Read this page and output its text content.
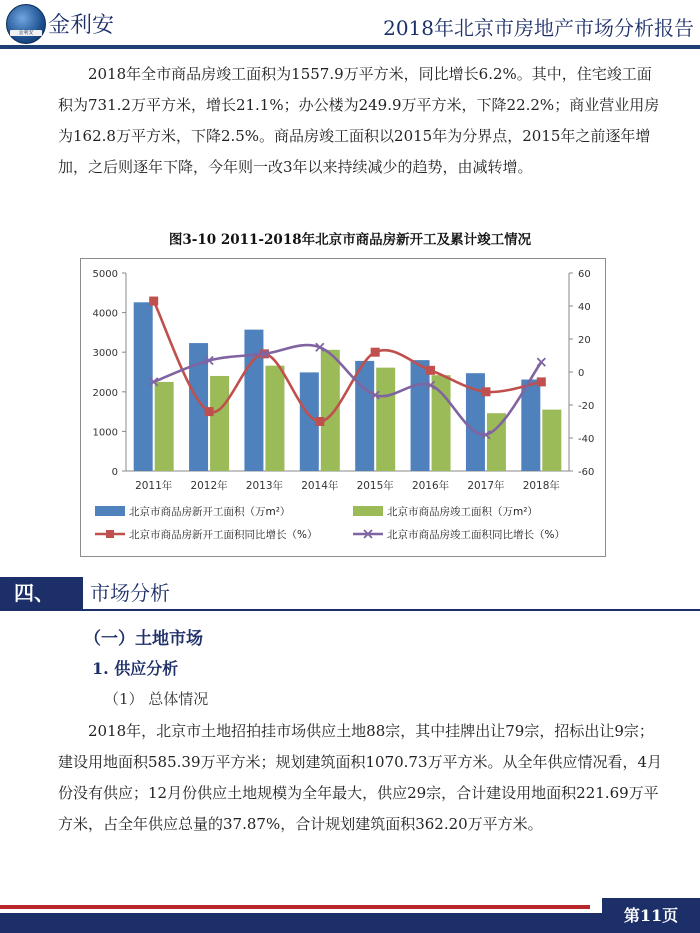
金利安 金利安	2018年北京市房地产市场分析报告

2018年全市商品房竣工面积为1557.9万平方米，同比增长6.2%。其中，住宅竣工面积为731.2万平方米，增长21.1%；办公楼为249.9万平方米，下降22.2%；商业营业用房为162.8万平方米，下降2.5%。商品房竣工面积以2015年为分界点，2015年之前逐年增加，之后则逐年下降，今年则一改3年以来持续减少的趋势，由减转增。

图3-10 2011-2018年北京市商品房新开工及累计竣工情况
0
1000
2000
3000
4000
5000
-60
-40
-20
0
20
40
60
2011年 2012年 2013年 2014年 2015年 2016年 2017年 2018年
北京市商品房新开工面积（万m²）	北京市商品房竣工面积（万m²）
北京市商品房新开工面积同比增长（%）	北京市商品房竣工面积同比增长（%）
四、 市场分析
（一）土地市场
1. 供应分析
（1） 总体情况

2018年，北京市土地招拍挂市场供应土地88宗，其中挂牌出让79宗，招标出让9宗；建设用地面积585.39万平方米；规划建筑面积1070.73万平方米。从全年供应情况看，4月份没有供应；12月份供应土地规模为全年最大，供应29宗，合计建设用地面积221.69万平方米，占全年供应总量的37.87%，合计规划建筑面积362.20万平方米。

第11页
